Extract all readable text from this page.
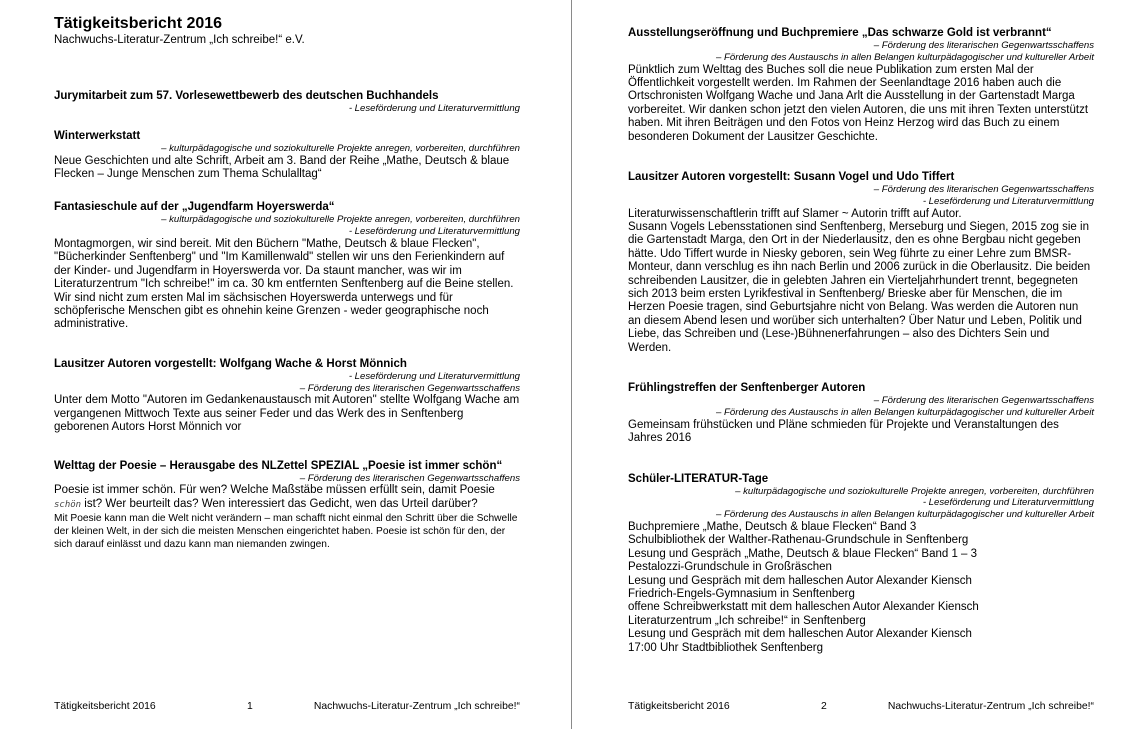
Tätigkeitsbericht 2016

Nachwuchs-Literatur-Zentrum „Ich schreibe!“ e.V.

Jurymitarbeit zum 57. Vorlesewettbewerb des deutschen Buchhandels

- Leseförderung und Literaturvermittlung

Winterwerkstatt

– kulturpädagogische und soziokulturelle Projekte anregen, vorbereiten, durchführen

Neue Geschichten und alte Schrift, Arbeit am 3. Band der Reihe „Mathe, Deutsch & blaue Flecken – Junge Menschen zum Thema Schulalltag“

Fantasieschule auf der „Jugendfarm Hoyerswerda“

– kulturpädagogische und soziokulturelle Projekte anregen, vorbereiten, durchführen

- Leseförderung und Literaturvermittlung

Montagmorgen, wir sind bereit. Mit den Büchern "Mathe, Deutsch & blaue Flecken", "Bücherkinder Senftenberg" und "Im Kamillenwald" stellen wir uns den Ferienkindern auf der Kinder- und Jugendfarm in Hoyerswerda vor. Da staunt mancher, was wir im Literaturzentrum "Ich schreibe!" im ca. 30 km entfernten Senftenberg auf die Beine stellen. Wir sind nicht zum ersten Mal im sächsischen Hoyerswerda unterwegs und für schöpferische Menschen gibt es ohnehin keine Grenzen - weder geographische noch administrative.

Lausitzer Autoren vorgestellt: Wolfgang Wache & Horst Mönnich

- Leseförderung und Literaturvermittlung

– Förderung des literarischen Gegenwartsschaffens

Unter dem Motto "Autoren im Gedankenaustausch mit Autoren" stellte Wolfgang Wache am vergangenen Mittwoch Texte aus seiner Feder und das Werk des in Senftenberg geborenen Autors Horst Mönnich vor

Welttag der Poesie – Herausgabe des NLZettel SPEZIAL „Poesie ist immer schön“

– Förderung des literarischen Gegenwartsschaffens

Poesie ist immer schön. Für wen? Welche Maßstäbe müssen erfüllt sein, damit Poesie
schön ist? Wer beurteilt das? Wen interessiert das Gedicht, wen das Urteil darüber?

Mit Poesie kann man die Welt nicht verändern – man schafft nicht einmal den Schritt über die Schwelle der kleinen Welt, in der sich die meisten Menschen eingerichtet haben. Poesie ist schön für den, der sich darauf einlässt und dazu kann man niemanden zwingen.

Tätigkeitsbericht 2016	1	Nachwuchs-Literatur-Zentrum „Ich schreibe!“

Ausstellungseröffnung und Buchpremiere „Das schwarze Gold ist verbrannt“

– Förderung des literarischen Gegenwartsschaffens

– Förderung des Austauschs in allen Belangen kulturpädagogischer und kultureller Arbeit

Pünktlich zum Welttag des Buches soll die neue Publikation zum ersten Mal der Öffentlichkeit vorgestellt werden. Im Rahmen der Seenlandtage 2016 haben auch die Ortschronisten Wolfgang Wache und Jana Arlt die Ausstellung in der Gartenstadt Marga vorbereitet. Wir danken schon jetzt den vielen Autoren, die uns mit ihren Texten unterstützt haben. Mit ihren Beiträgen und den Fotos von Heinz Herzog wird das Buch zu einem besonderen Dokument der Lausitzer Geschichte.

Lausitzer Autoren vorgestellt: Susann Vogel und Udo Tiffert

– Förderung des literarischen Gegenwartsschaffens

- Leseförderung und Literaturvermittlung

Literaturwissenschaftlerin trifft auf Slamer ~ Autorin trifft auf Autor.

Susann Vogels Lebensstationen sind Senftenberg, Merseburg und Siegen, 2015 zog sie in die Gartenstadt Marga, den Ort in der Niederlausitz, den es ohne Bergbau nicht gegeben hätte. Udo Tiffert wurde in Niesky geboren, sein Weg führte zu einer Lehre zum BMSR-Monteur, dann verschlug es ihn nach Berlin und 2006 zurück in die Oberlausitz. Die beiden schreibenden Lausitzer, die in gelebten Jahren ein Vierteljahrhundert trennt, begegneten sich 2013 beim ersten Lyrikfestival in Senftenberg/ Brieske aber für Menschen, die im Herzen Poesie tragen, sind Geburtsjahre nicht von Belang. Was werden die Autoren nun an diesem Abend lesen und worüber sich unterhalten? Über Natur und Leben, Politik und Liebe, das Schreiben und (Lese-)Bühnenerfahrungen – also des Dichters Sein und Werden.

Frühlingstreffen der Senftenberger Autoren

– Förderung des literarischen Gegenwartsschaffens

– Förderung des Austauschs in allen Belangen kulturpädagogischer und kultureller Arbeit

Gemeinsam frühstücken und Pläne schmieden für Projekte und Veranstaltungen des Jahres 2016

Schüler-LITERATUR-Tage

– kulturpädagogische und soziokulturelle Projekte anregen, vorbereiten, durchführen

- Leseförderung und Literaturvermittlung

– Förderung des Austauschs in allen Belangen kulturpädagogischer und kultureller Arbeit

Buchpremiere „Mathe, Deutsch & blaue Flecken“ Band 3
Schulbibliothek der Walther-Rathenau-Grundschule in Senftenberg
Lesung und Gespräch „Mathe, Deutsch & blaue Flecken“ Band 1 – 3
Pestalozzi-Grundschule in Großräschen
Lesung und Gespräch mit dem halleschen Autor Alexander Kiensch
Friedrich-Engels-Gymnasium in Senftenberg
offene Schreibwerkstatt mit dem halleschen Autor Alexander Kiensch
Literaturzentrum „Ich schreibe!“ in Senftenberg
Lesung und Gespräch mit dem halleschen Autor Alexander Kiensch
17:00 Uhr Stadtbibliothek Senftenberg

Tätigkeitsbericht 2016	2	Nachwuchs-Literatur-Zentrum „Ich schreibe!“
